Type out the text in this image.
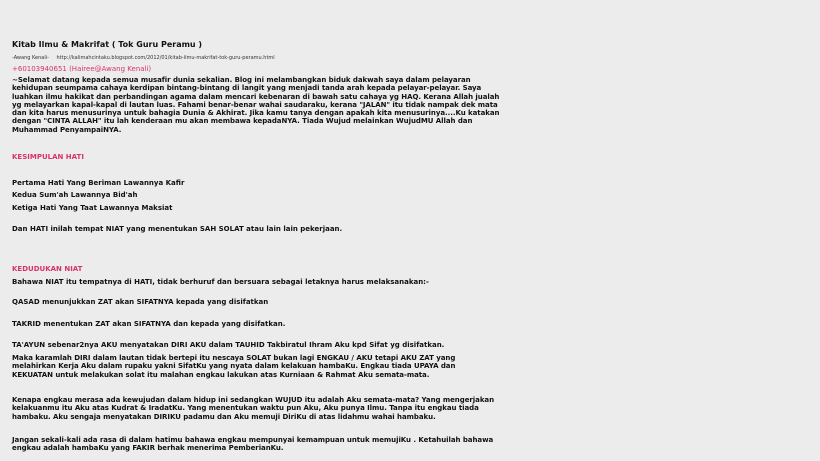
Kitab Ilmu & Makrifat ( Tok Guru Peramu )
-Awang Kenali- http://kalimahcintaku.blogspot.com/2012/01/kitab-ilmu-makrifat-tok-guru-peramu.html
+60103940651 (Hairee@Awang Kenali)
~Selamat datang kepada semua musafir dunia sekalian. Blog ini melambangkan biduk dakwah saya dalam pelayaran
kehidupan seumpama cahaya kerdipan bintang-bintang di langit yang menjadi tanda arah kepada pelayar-pelayar. Saya
luahkan ilmu hakikat dan perbandingan agama dalam mencari kebenaran di bawah satu cahaya yg HAQ. Kerana Allah jualah
yg melayarkan kapal-kapal di lautan luas. Fahami benar-benar wahai saudaraku, kerana "JALAN" itu tidak nampak dek mata
dan kita harus menusurinya untuk bahagia Dunia & Akhirat. Jika kamu tanya dengan apakah kita menusurinya....Ku katakan
dengan "CINTA ALLAH" itu lah kenderaan mu akan membawa kepadaNYA. Tiada Wujud melainkan WujudMU Allah dan
Muhammad PenyampaiNYA.
KESIMPULAN HATI
Pertama Hati Yang Beriman Lawannya Kafir
Kedua Sum'ah Lawannya Bid'ah
Ketiga Hati Yang Taat Lawannya Maksiat
Dan HATI inilah tempat NIAT yang menentukan SAH SOLAT atau lain lain pekerjaan.
KEDUDUKAN NIAT
Bahawa NIAT itu tempatnya di HATI, tidak berhuruf dan bersuara sebagai letaknya harus melaksanakan:-
QASAD menunjukkan ZAT akan SIFATNYA kepada yang disifatkan
TAKRID menentukan ZAT akan SIFATNYA dan kepada yang disifatkan.
TA'AYUN sebenar2nya AKU menyatakan DIRI AKU dalam TAUHID Takbiratul Ihram Aku kpd Sifat yg disifatkan.
Maka karamlah DIRI dalam lautan tidak bertepi itu nescaya SOLAT bukan lagi ENGKAU / AKU tetapi AKU ZAT yang
melahirkan Kerja Aku dalam rupaku yakni SifatKu yang nyata dalam kelakuan hambaKu. Engkau tiada UPAYA dan
KEKUATAN untuk melakukan solat itu malahan engkau lakukan atas Kurniaan & Rahmat Aku semata-mata.
Kenapa engkau merasa ada kewujudan dalam hidup ini sedangkan WUJUD itu adalah Aku semata-mata? Yang mengerjakan
kelakuanmu itu Aku atas Kudrat & IradatKu. Yang menentukan waktu pun Aku, Aku punya Ilmu. Tanpa itu engkau tiada
hambaku. Aku sengaja menyatakan DIRIKU padamu dan Aku memuji DiriKu di atas lidahmu wahai hambaku.
Jangan sekali-kali ada rasa di dalam hatimu bahawa engkau mempunyai kemampuan untuk memujiKu . Ketahuilah bahawa
engkau adalah hambaKu yang FAKIR berhak menerima PemberianKu.
